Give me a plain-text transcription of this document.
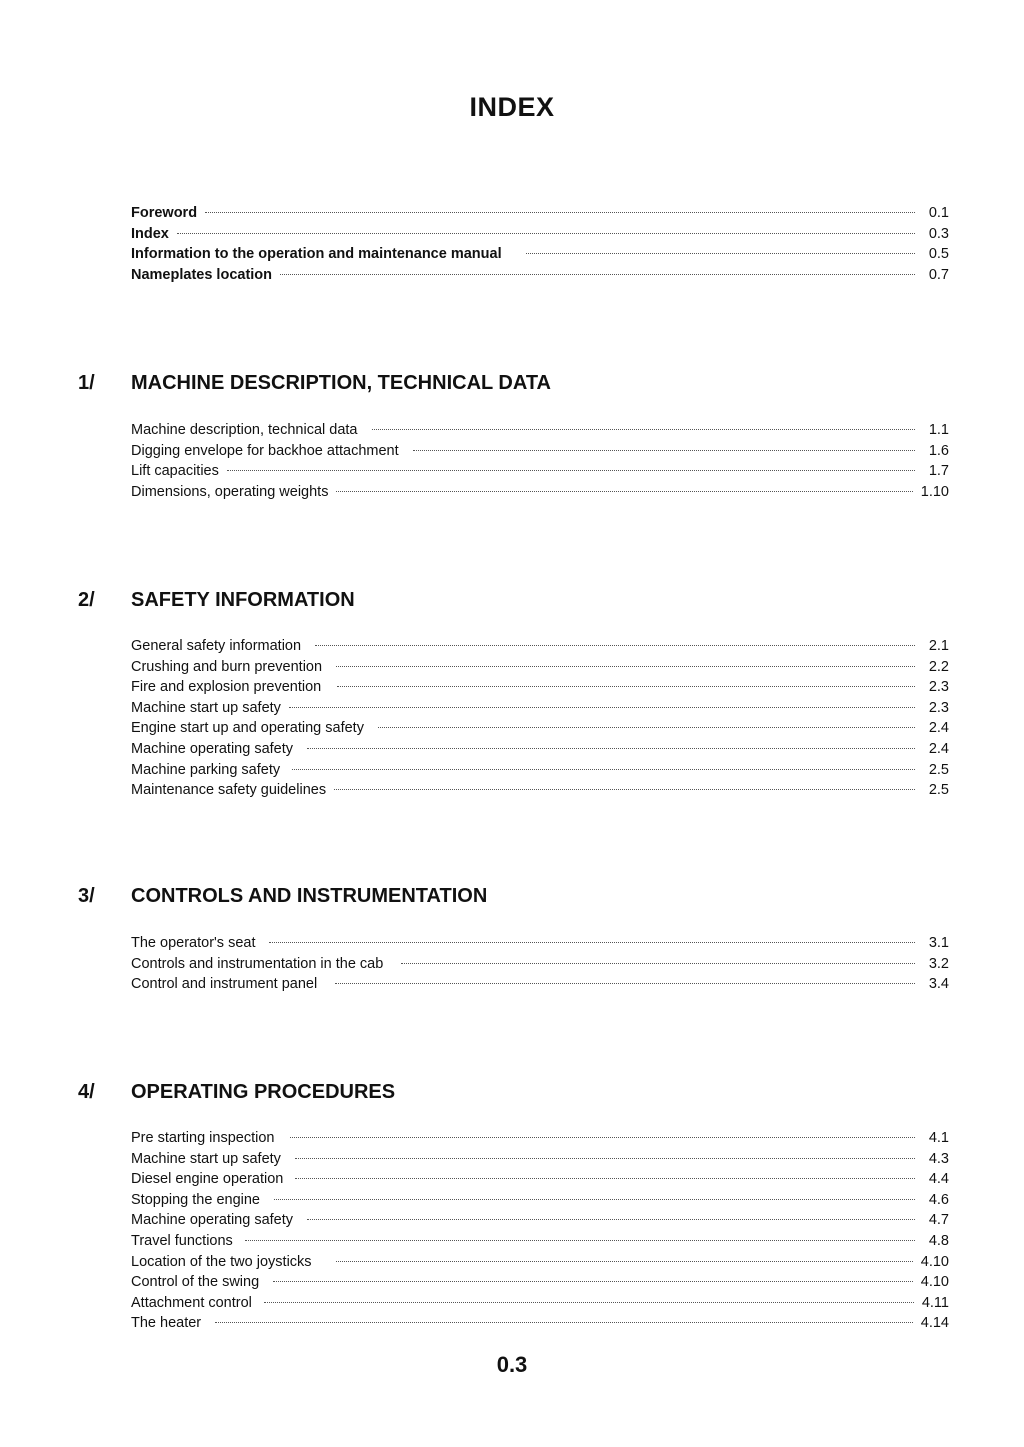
INDEX
Foreword	0.1
Index	0.3
Information to the operation and maintenance manual	0.5
Nameplates location	0.7
1/ MACHINE DESCRIPTION, TECHNICAL DATA
Machine description, technical data	1.1
Digging envelope for backhoe attachment	1.6
Lift capacities	1.7
Dimensions, operating weights	1.10
2/ SAFETY INFORMATION
General safety information	2.1
Crushing and burn prevention	2.2
Fire and explosion prevention	2.3
Machine start up safety	2.3
Engine start up and operating safety	2.4
Machine operating safety	2.4
Machine parking safety	2.5
Maintenance safety guidelines	2.5
3/ CONTROLS AND INSTRUMENTATION
The operator's seat	3.1
Controls and instrumentation in the cab	3.2
Control and instrument panel	3.4
4/ OPERATING PROCEDURES
Pre starting inspection	4.1
Machine start up safety	4.3
Diesel engine operation	4.4
Stopping the engine	4.6
Machine operating safety	4.7
Travel functions	4.8
Location of the two joysticks	4.10
Control of the swing	4.10
Attachment control	4.11
The heater	4.14
0.3
